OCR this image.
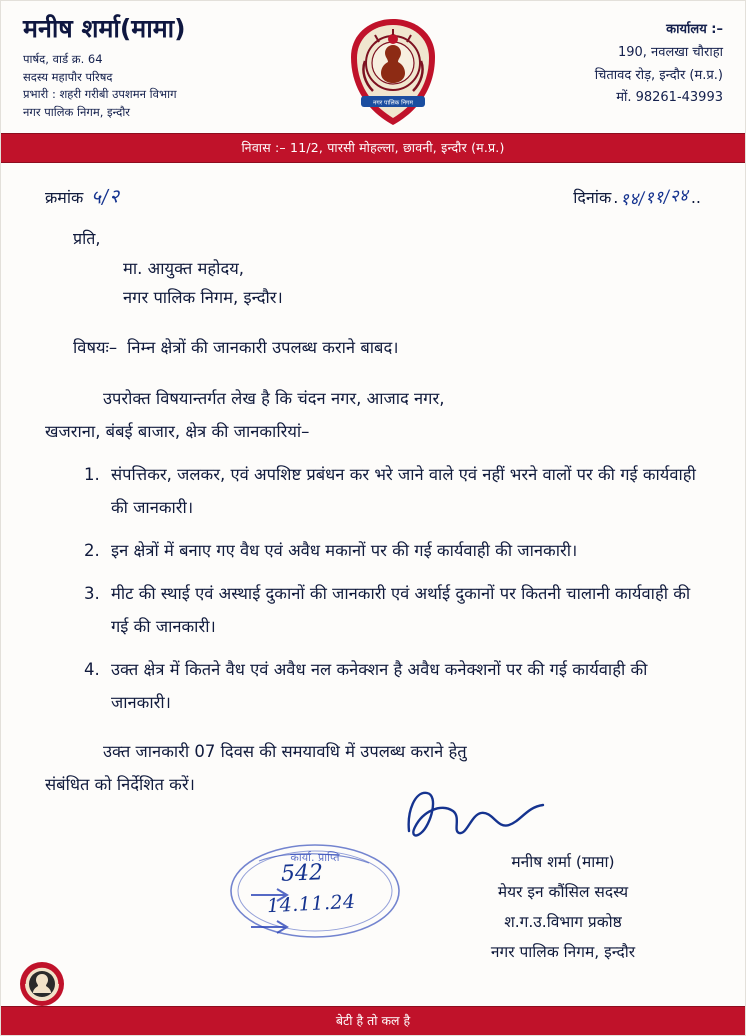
मनीष शर्मा(मामा)
पार्षद, वार्ड क्र. 64
सदस्य महापौर परिषद
प्रभारी : शहरी गरीबी उपशमन विभाग
नगर पालिक निगम, इन्दौर
नगर पालिक निगम
कार्यालय :–
190, नवलखा चौराहा
चितावद रोड़, इन्दौर (म.प्र.)
मों. 98261-43993
निवास :– 11/2, पारसी मोहल्ला, छावनी, इन्दौर (म.प्र.)
क्रमांक ५/२	दिनांक . १४/११/२४ ..
प्रति,
मा. आयुक्त महोदय,
नगर पालिक निगम, इन्दौर।
विषयः– निम्न क्षेत्रों की जानकारी उपलब्ध कराने बाबद।
उपरोक्त विषयान्तर्गत लेख है कि चंदन नगर, आजाद नगर,
खजराना, बंबई बाजार, क्षेत्र की जानकारियां–
1. संपत्तिकर, जलकर, एवं अपशिष्ट प्रबंधन कर भरे जाने वाले एवं नहीं भरने वालों पर की गई कार्यवाही की जानकारी।
2. इन क्षेत्रों में बनाए गए वैध एवं अवैध मकानों पर की गई कार्यवाही की जानकारी।
3. मीट की स्थाई एवं अस्थाई दुकानों की जानकारी एवं अर्थाई दुकानों पर कितनी चालानी कार्यवाही की गई की जानकारी।
4. उक्त क्षेत्र में कितने वैध एवं अवैध नल कनेक्शन है अवैध कनेक्शनों पर की गई कार्यवाही की जानकारी।
उक्त जानकारी 07 दिवस की समयावधि में उपलब्ध कराने हेतु
संबंधित को निर्देशित करें।
कार्या. प्राप्ति
542
14.11.24
मनीष शर्मा (मामा)
मेयर इन कौंसिल सदस्य
श.ग.उ.विभाग प्रकोष्ठ
नगर पालिक निगम, इन्दौर
बेटी है तो कल है
